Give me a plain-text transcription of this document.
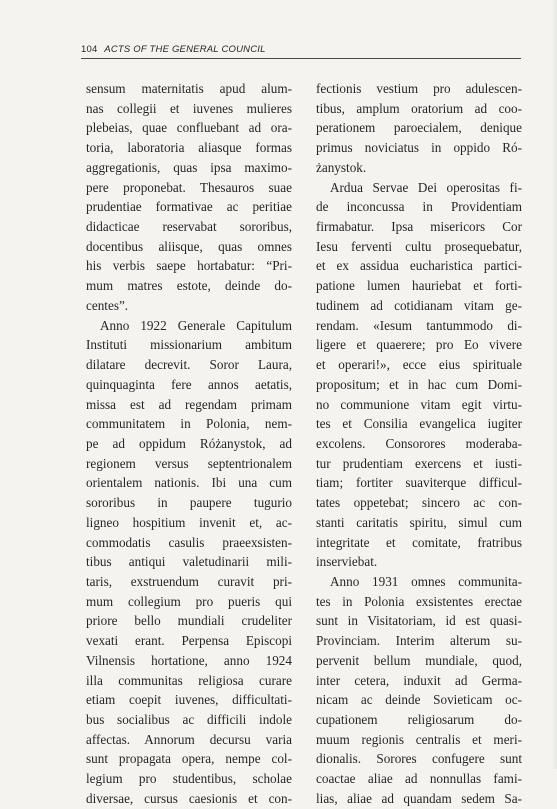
104 ACTS OF THE GENERAL COUNCIL
sensum maternitatis apud alum-
nas collegii et iuvenes mulieres
plebeias, quae confluebant ad ora-
toria, laboratoria aliasque formas
aggregationis, quas ipsa maximo-
pere proponebat. Thesauros suae
prudentiae formativae ac peritiae
didacticae reservabat sororibus,
docentibus aliisque, quas omnes
his verbis saepe hortabatur: “Pri-
mum matres estote, deinde do-
centes”.
Anno 1922 Generale Capitulum
Instituti missionarium ambitum
dilatare decrevit. Soror Laura,
quinquaginta fere annos aetatis,
missa est ad regendam primam
communitatem in Polonia, nem-
pe ad oppidum Różanystok, ad
regionem versus septentrionalem
orientalem nationis. Ibi una cum
sororibus in paupere tugurio
ligneo hospitium invenit et, ac-
commodatis casulis praeexsisten-
tibus antiqui valetudinarii mili-
taris, exstruendum curavit pri-
mum collegium pro pueris qui
priore bello mundiali crudeliter
vexati erant. Perpensa Episcopi
Vilnensis hortatione, anno 1924
illa communitas religiosa curare
etiam coepit iuvenes, difficultati-
bus socialibus ac difficili indole
affectas. Annorum decursu varia
sunt propagata opera, nempe col-
legium pro studentibus, scholae
diversae, cursus caesionis et con-
fectionis vestium pro adulescen-
tibus, amplum oratorium ad coo-
perationem paroecialem, denique
primus noviciatus in oppido Ró-
żanystok.
Ardua Servae Dei operositas fi-
de inconcussa in Providentiam
firmabatur. Ipsa misericors Cor
Iesu ferventi cultu prosequebatur,
et ex assidua eucharistica partici-
patione lumen hauriebat et forti-
tudinem ad cotidianam vitam ge-
rendam. «Iesum tantummodo di-
ligere et quaerere; pro Eo vivere
et operari!», ecce eius spirituale
propositum; et in hac cum Domi-
no communione vitam egit virtu-
tes et Consilia evangelica iugiter
excolens. Consorores moderaba-
tur prudentiam exercens et iusti-
tiam; fortiter suaviterque difficul-
tates oppetebat; sincero ac con-
stanti caritatis spiritu, simul cum
integritate et comitate, fratribus
inserviebat.
Anno 1931 omnes communita-
tes in Polonia exsistentes erectae
sunt in Visitatoriam, id est quasi-
Provinciam. Interim alterum su-
pervenit bellum mundiale, quod,
inter cetera, induxit ad Germa-
nicam ac deinde Sovieticam oc-
cupationem religiosarum do-
muum regionis centralis et meri-
dionalis. Sorores confugere sunt
coactae aliae ad nonnullas fami-
lias, aliae ad quandam sedem Sa-
